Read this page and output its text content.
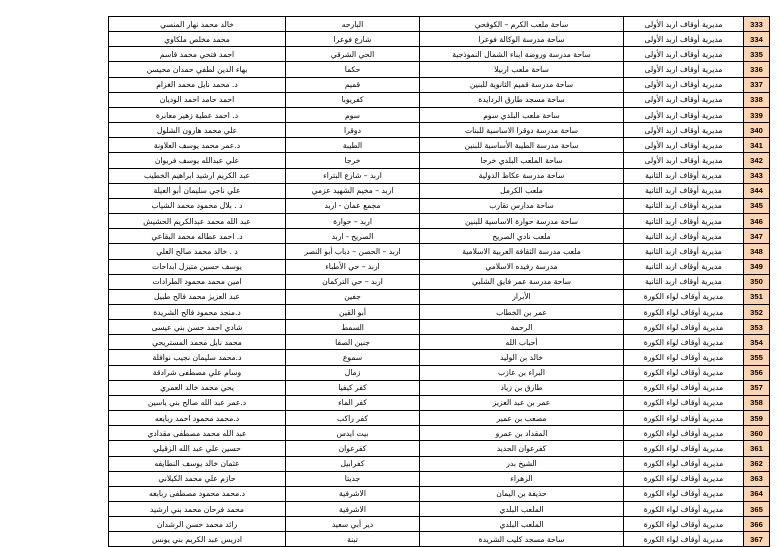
333	مديرية أوقاف اربد الأولى	ساحة ملعب الكرم – الكوفحي	البارحه	خالد محمد نهار المنسي
334	مديرية أوقاف اربد الأولى	ساحة مدرسة الوكالة فوعرا	شارع فوعرا	محمد مخلص ملكاوي
335	مديرية أوقاف اربد الأولى	ساحة مدرسة وروضة ابناء الشمال النموذجية	الحي الشرقي	احمد فتحي محمد قاسم
336	مديرية أوقاف اربد الأولى	ساحة ملعب اربيلا	حكما	بهاء الدين لطفي حمدان محيسن
337	مديرية أوقاف اربد الأولى	ساحة مدرسة قميم الثانوية للبنين	قميم	د. محمد نايل محمد الغزام
338	مديرية أوقاف اربد الأولى	ساحة مسجد طارق الردايدة	كفريوبا	احمد حامد احمد الوديان
339	مديرية أوقاف اربد الأولى	ساحة ملعب البلدي سوم	سوم	د. احمد عطية زهير معابرة
340	مديرية أوقاف اربد الأولى	ساحة مدرسة دوقرا الاساسية للبنات	دوقرا	علي محمد هارون الشلول
341	مديرية أوقاف اربد الأولى	ساحة مدرسة الطيبة الأساسية للبنين	الطيبة	د.عمر محمد يوسف العلاونة
342	مديرية أوقاف اربد الأولى	ساحة الملعب البلدي خرجا	خرجا	علي عبدالله يوسف فريوان
343	مديرية أوقاف اربد الثانية	ساحة مدرسة عكاظ الدولية	اربد – شارع البتراء	عبد الكريم ارشيد ابراهيم الخطيب
344	مديرية أوقاف اربد الثانية	ملعب الكرمل	اربد – مخيم الشهيد عزمي	علي ناجي سليمان أبو العيلة
345	مديرية أوقاف اربد الثانية	ساحة مدارس تقارب	مجمع عمان - اربد	د . بلال محمود محمد الشياب
346	مديرية أوقاف اربد الثانية	ساحة مدرسة حوارة الاساسية للبنين	اربد – حوارة	عبد الله محمد عبدالكريم الحشيش
347	مديرية أوقاف اربد الثانية	ملعب نادي الصريح	الصريح - اربد	د. احمد عطاله محمد البقاعي
348	مديرية أوقاف اربد الثانية	ملعب مدرسة الثقافة العربية الاسلامية	اربد – الحصن – دباب أبو النصر	د . خالد محمد صالح العلي
349	مديرية أوقاف اربد الثانية	مدرسة رفيده الاسلامي	اربد – حي الأطباء	يوسف حسين متيزل ابداحات
350	مديرية أوقاف اربد الثانية	ساحة مدرسة عمر فايق الشلبي	اربد – حي التركمان	امين محمد محمود الطرادات
351	مديرية أوقاف لواء الكورة	الأبرار	جفين	عبد العزيز محمد فالح طبيل
352	مديرية أوقاف لواء الكورة	عمر بن الخطاب	أبو القين	د.منجد محمود فالح الشريدة
353	مديرية أوقاف لواء الكورة	الرحمة	السمط	شادي احمد حسن بني عيسى
354	مديرية أوقاف لواء الكورة	أحباب الله	جنين الصفا	محمد نايل محمد المستريحي
355	مديرية أوقاف لواء الكورة	خالد بن الوليد	سموع	د.محمد سليمان نجيب نوافلة
356	مديرية أوقاف لواء الكورة	البراء بن عازب	زمال	وسام علي مصطفى شرادقة
357	مديرية أوقاف لواء الكورة	طارق بن زياد	كفر كيفيا	يحي محمد خالد العمري
358	مديرية أوقاف لواء الكورة	عمر بن عبد العزيز	كفر الماء	د.عمر عبد الله صالح بني ياسين
359	مديرية أوقاف لواء الكورة	مصعب بن عمير	كفر راكب	د.محمد محمود احمد ربايعه
360	مديرية أوقاف لواء الكورة	المقداد بن عمرو	بيت ايدس	عبد الله محمد مصطفى مقدادي
361	مديرية أوقاف لواء الكورة	كفرعوان الجديد	كفرعوان	حسين علي عبد الله الزقيلي
362	مديرية أوقاف لواء الكورة	الشيخ بدر	كفرابيل	عثمان خالد يوسف النطايفه
363	مديرية أوقاف لواء الكورة	الزهراء	جديتا	حازم علي محمد الكيلاني
364	مديرية أوقاف لواء الكورة	حذيفة بن اليمان	الاشرفية	د.محمد محمود مصطفى ربابعه
365	مديرية أوقاف لواء الكورة	الملعب البلدي	الاشرفية	محمد فرحان محمد بني ارشيد
366	مديرية أوقاف لواء الكورة	الملعب البلدي	دير أبي سعيد	رائد محمد حسن الرشدان
367	مديرية أوقاف لواء الكورة	ساحة مسجد كليب الشريدة	تبنة	ادريس عبد الكريم بني يونس
